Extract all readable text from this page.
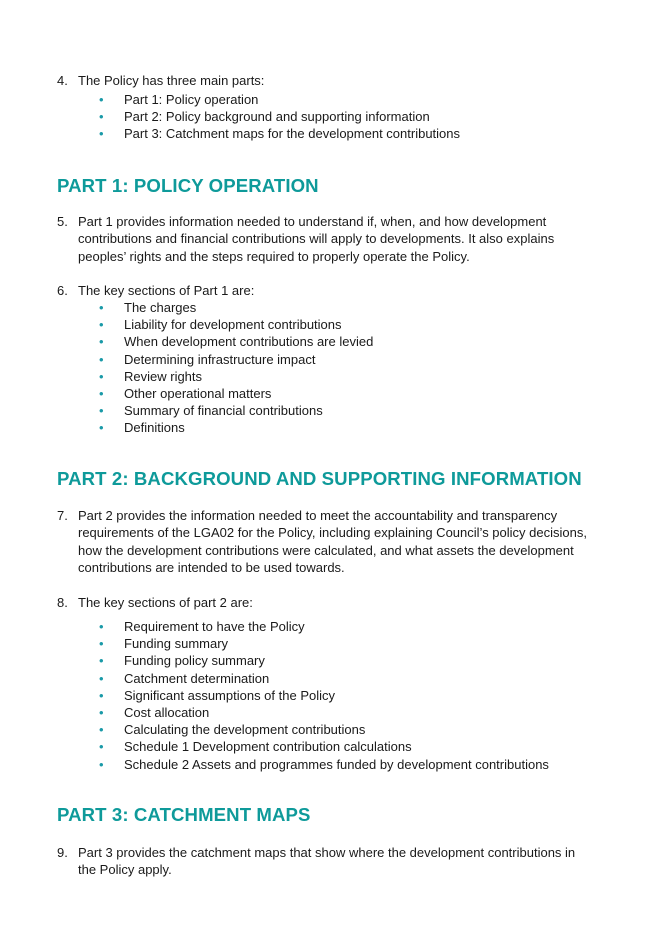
4. The Policy has three main parts:
• Part 1: Policy operation
• Part 2: Policy background and supporting information
• Part 3: Catchment maps for the development contributions
PART 1: POLICY OPERATION
5. Part 1 provides information needed to understand if, when, and how development contributions and financial contributions will apply to developments. It also explains peoples’ rights and the steps required to properly operate the Policy.
6. The key sections of Part 1 are:
• The charges
• Liability for development contributions
• When development contributions are levied
• Determining infrastructure impact
• Review rights
• Other operational matters
• Summary of financial contributions
• Definitions
PART 2: BACKGROUND AND SUPPORTING INFORMATION
7. Part 2 provides the information needed to meet the accountability and transparency requirements of the LGA02 for the Policy, including explaining Council’s policy decisions, how the development contributions were calculated, and what assets the development contributions are intended to be used towards.
8. The key sections of part 2 are:
• Requirement to have the Policy
• Funding summary
• Funding policy summary
• Catchment determination
• Significant assumptions of the Policy
• Cost allocation
• Calculating the development contributions
• Schedule 1 Development contribution calculations
• Schedule 2 Assets and programmes funded by development contributions
PART 3: CATCHMENT MAPS
9. Part 3 provides the catchment maps that show where the development contributions in the Policy apply.
